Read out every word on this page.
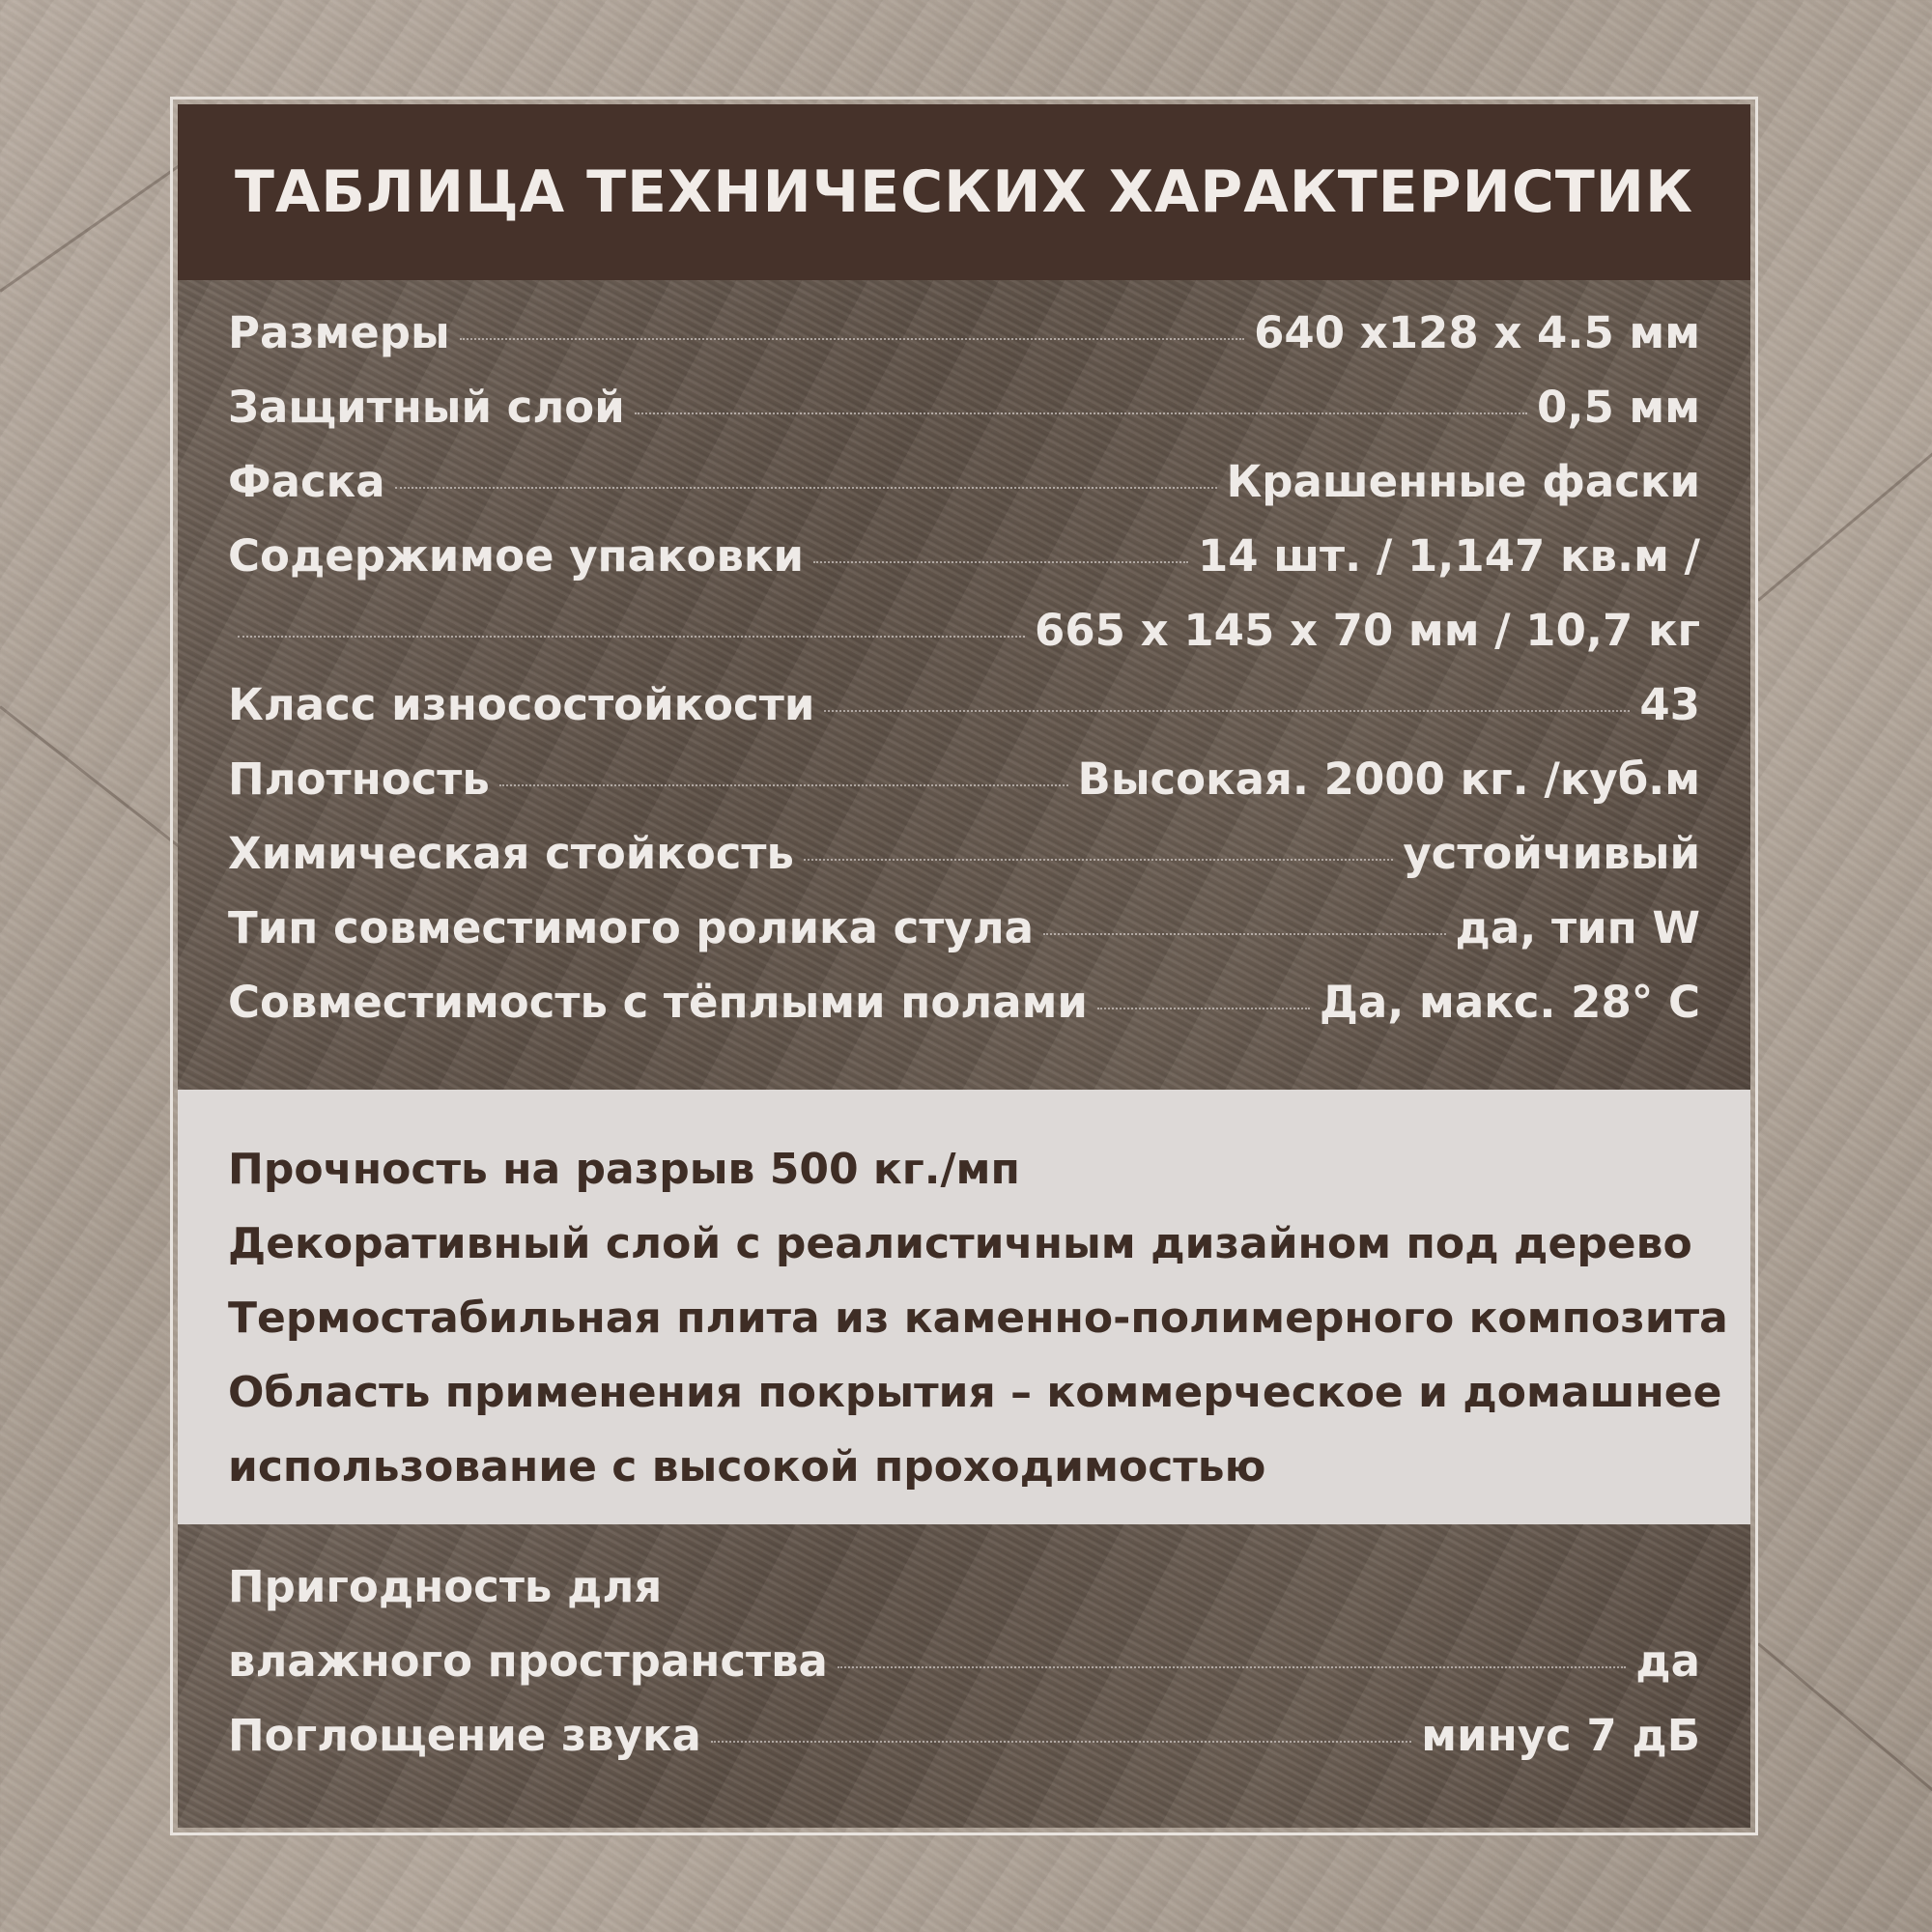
ТАБЛИЦА ТЕХНИЧЕСКИХ ХАРАКТЕРИСТИК
Размеры	640 х128 х 4.5 мм
Защитный слой	0,5 мм
Фаска	Крашенные фаски
Содержимое упаковки	14 шт. / 1,147 кв.м /
665 х 145 х 70 мм / 10,7 кг
Класс износостойкости	43
Плотность	Высокая. 2000 кг. /куб.м
Химическая стойкость	устойчивый
Тип совместимого ролика стула	да, тип W
Совместимость с тёплыми полами	Да, макс. 28° С
Прочность на разрыв 500 кг./мп
Декоративный слой с реалистичным дизайном под дерево
Термостабильная плита из каменно-полимерного композита
Область применения покрытия – коммерческое и домашнее
использование с высокой проходимостью
Пригодность для
влажного пространства	да
Поглощение звука	минус 7 дБ
